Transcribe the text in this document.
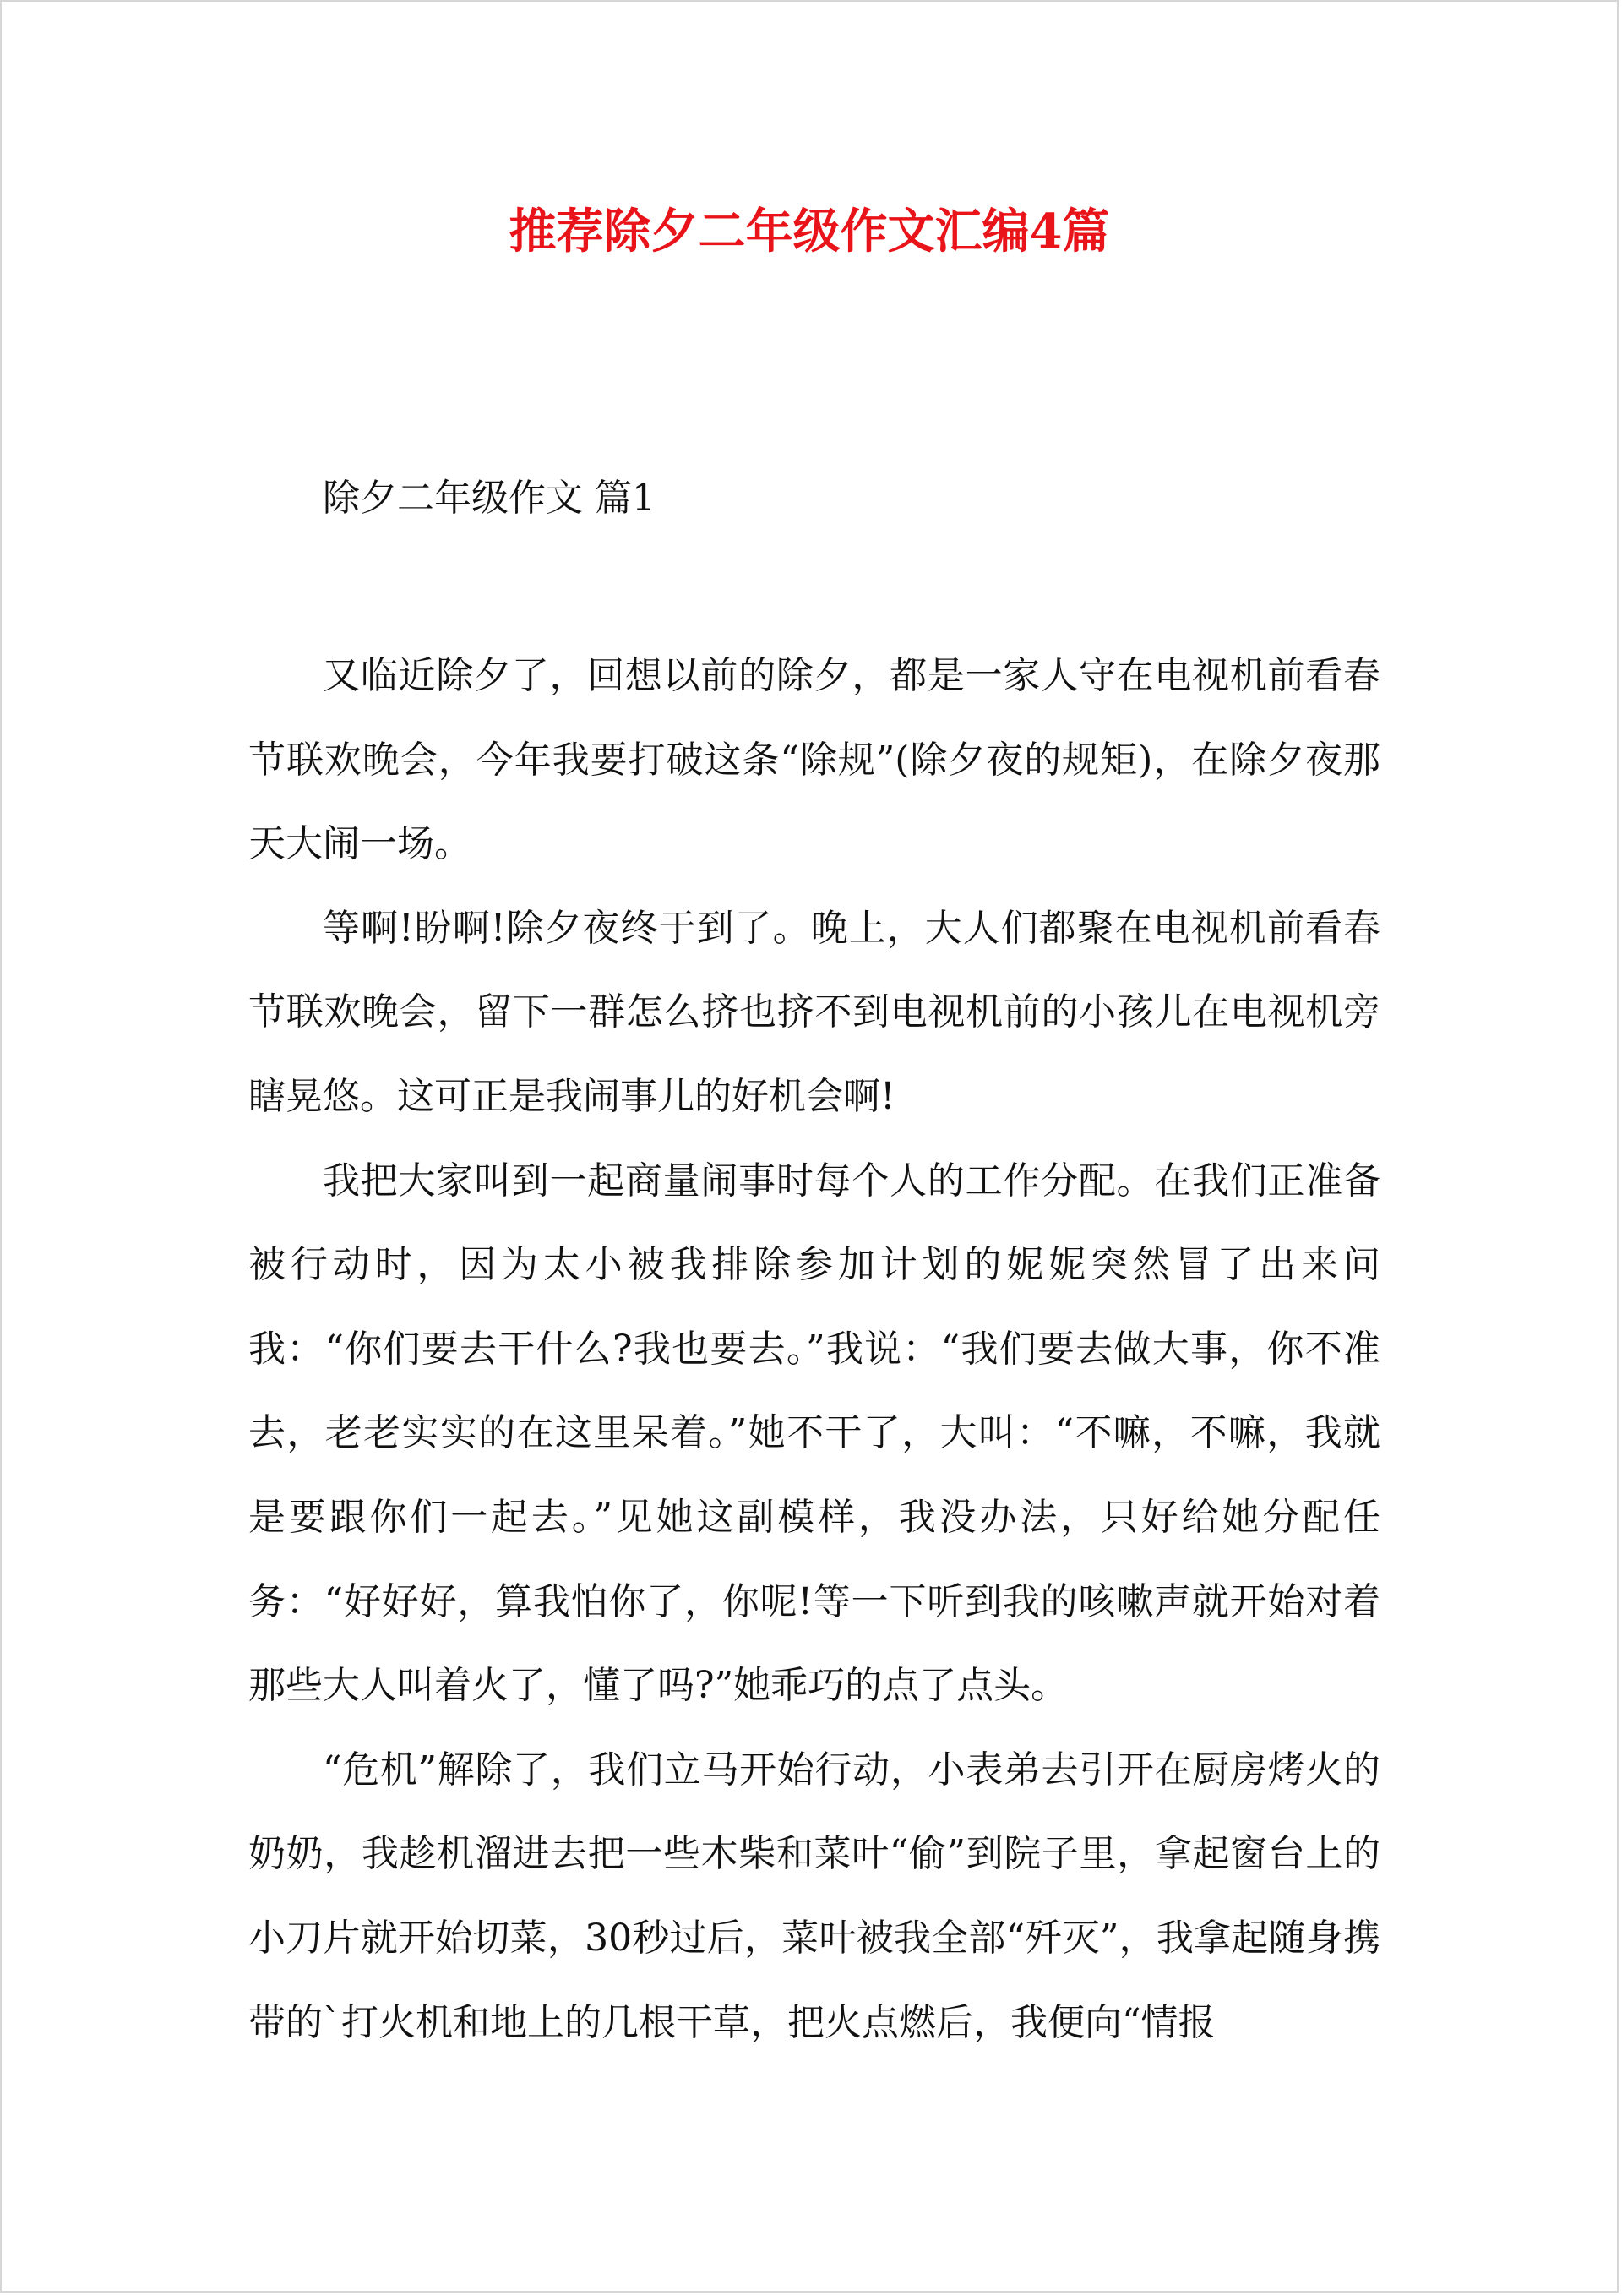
推荐除夕二年级作文汇编4篇
除夕二年级作文 篇1

又临近除夕了，回想以前的除夕，都是一家人守在电视机前看春节联欢晚会，今年我要打破这条“除规”(除夕夜的规矩)，在除夕夜那天大闹一场。

等啊!盼啊!除夕夜终于到了。晚上，大人们都聚在电视机前看春节联欢晚会，留下一群怎么挤也挤不到电视机前的小孩儿在电视机旁瞎晃悠。这可正是我闹事儿的好机会啊!

我把大家叫到一起商量闹事时每个人的工作分配。在我们正准备被行动时，因为太小被我排除参加计划的妮妮突然冒了出来问我：“你们要去干什么?我也要去。”我说：“我们要去做大事，你不准去，老老实实的在这里呆着。”她不干了，大叫：“不嘛，不嘛，我就是要跟你们一起去。”见她这副模样，我没办法，只好给她分配任务：“好好好，算我怕你了，你呢!等一下听到我的咳嗽声就开始对着那些大人叫着火了，懂了吗?”她乖巧的点了点头。

“危机”解除了，我们立马开始行动，小表弟去引开在厨房烤火的奶奶，我趁机溜进去把一些木柴和菜叶“偷”到院子里，拿起窗台上的小刀片就开始切菜，30秒过后，菜叶被我全部“歼灭”，我拿起随身携带的`打火机和地上的几根干草，把火点燃后，我便向“情报
